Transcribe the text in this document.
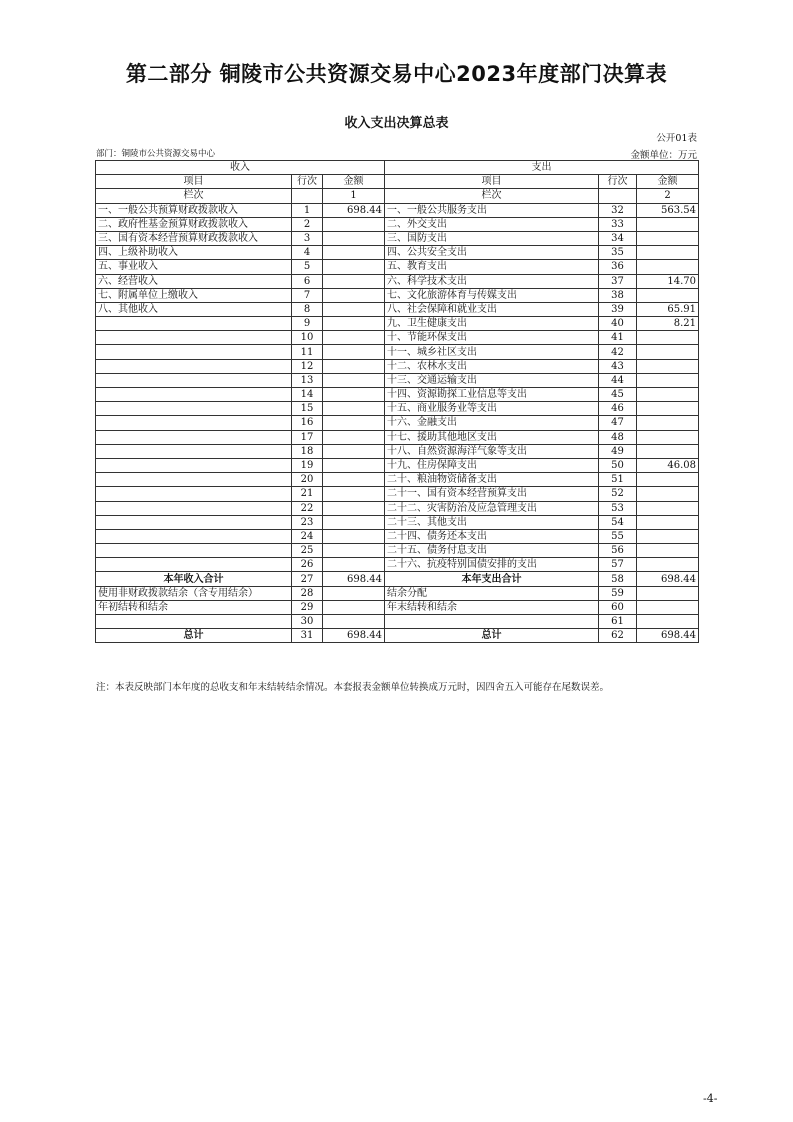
第二部分 铜陵市公共资源交易中心2023年度部门决算表
收入支出决算总表
公开01表
部门：铜陵市公共资源交易中心	金额单位：万元
收入			支出		
项目	行次	金额	项目	行次	金额
栏次		1	栏次		2
一、一般公共预算财政拨款收入	1	698.44	一、一般公共服务支出	32	563.54
二、政府性基金预算财政拨款收入	2		二、外交支出	33	
三、国有资本经营预算财政拨款收入	3		三、国防支出	34	
四、上级补助收入	4		四、公共安全支出	35	
五、事业收入	5		五、教育支出	36	
六、经营收入	6		六、科学技术支出	37	14.70
七、附属单位上缴收入	7		七、文化旅游体育与传媒支出	38	
八、其他收入	8		八、社会保障和就业支出	39	65.91
	9		九、卫生健康支出	40	8.21
	10		十、节能环保支出	41	
	11		十一、城乡社区支出	42	
	12		十二、农林水支出	43	
	13		十三、交通运输支出	44	
	14		十四、资源勘探工业信息等支出	45	
	15		十五、商业服务业等支出	46	
	16		十六、金融支出	47	
	17		十七、援助其他地区支出	48	
	18		十八、自然资源海洋气象等支出	49	
	19		十九、住房保障支出	50	46.08
	20		二十、粮油物资储备支出	51	
	21		二十一、国有资本经营预算支出	52	
	22		二十二、灾害防治及应急管理支出	53	
	23		二十三、其他支出	54	
	24		二十四、债务还本支出	55	
	25		二十五、债务付息支出	56	
	26		二十六、抗疫特别国债安排的支出	57	
本年收入合计	27	698.44	本年支出合计	58	698.44
使用非财政拨款结余（含专用结余）	28		结余分配	59	
年初结转和结余	29		年末结转和结余	60	
	30			61	
总计	31	698.44	总计	62	698.44
注：本表反映部门本年度的总收支和年末结转结余情况。本套报表金额单位转换成万元时，因四舍五入可能存在尾数误差。
-4-
